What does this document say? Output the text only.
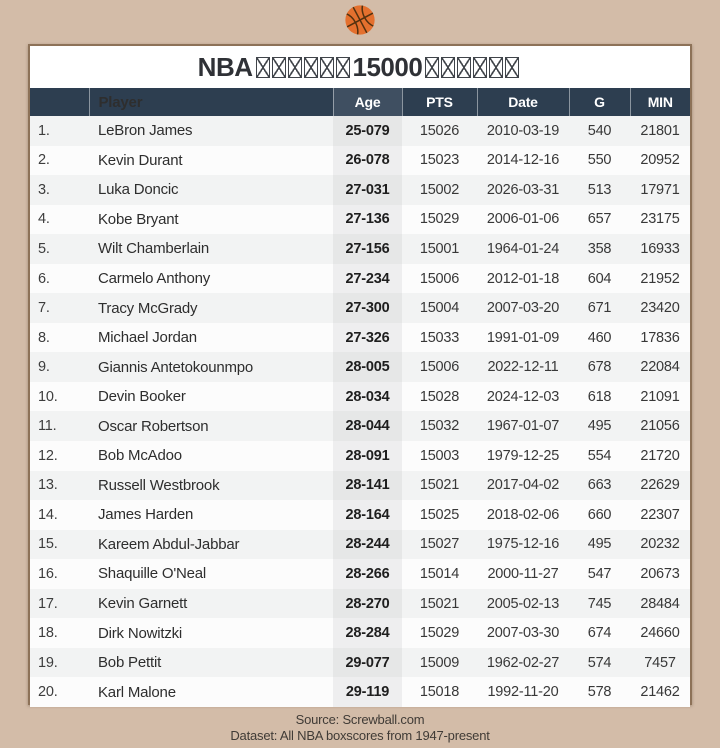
NBA	15000
	Player	Age	PTS	Date	G	MIN
1.	LeBron James	25-079	15026	2010-03-19	540	21801
2.	Kevin Durant	26-078	15023	2014-12-16	550	20952
3.	Luka Doncic	27-031	15002	2026-03-31	513	17971
4.	Kobe Bryant	27-136	15029	2006-01-06	657	23175
5.	Wilt Chamberlain	27-156	15001	1964-01-24	358	16933
6.	Carmelo Anthony	27-234	15006	2012-01-18	604	21952
7.	Tracy McGrady	27-300	15004	2007-03-20	671	23420
8.	Michael Jordan	27-326	15033	1991-01-09	460	17836
9.	Giannis Antetokounmpo	28-005	15006	2022-12-11	678	22084
10.	Devin Booker	28-034	15028	2024-12-03	618	21091
11.	Oscar Robertson	28-044	15032	1967-01-07	495	21056
12.	Bob McAdoo	28-091	15003	1979-12-25	554	21720
13.	Russell Westbrook	28-141	15021	2017-04-02	663	22629
14.	James Harden	28-164	15025	2018-02-06	660	22307
15.	Kareem Abdul-Jabbar	28-244	15027	1975-12-16	495	20232
16.	Shaquille O'Neal	28-266	15014	2000-11-27	547	20673
17.	Kevin Garnett	28-270	15021	2005-02-13	745	28484
18.	Dirk Nowitzki	28-284	15029	2007-03-30	674	24660
19.	Bob Pettit	29-077	15009	1962-02-27	574	7457
20.	Karl Malone	29-119	15018	1992-11-20	578	21462
Source: Screwball.com
Dataset: All NBA boxscores from 1947-present
